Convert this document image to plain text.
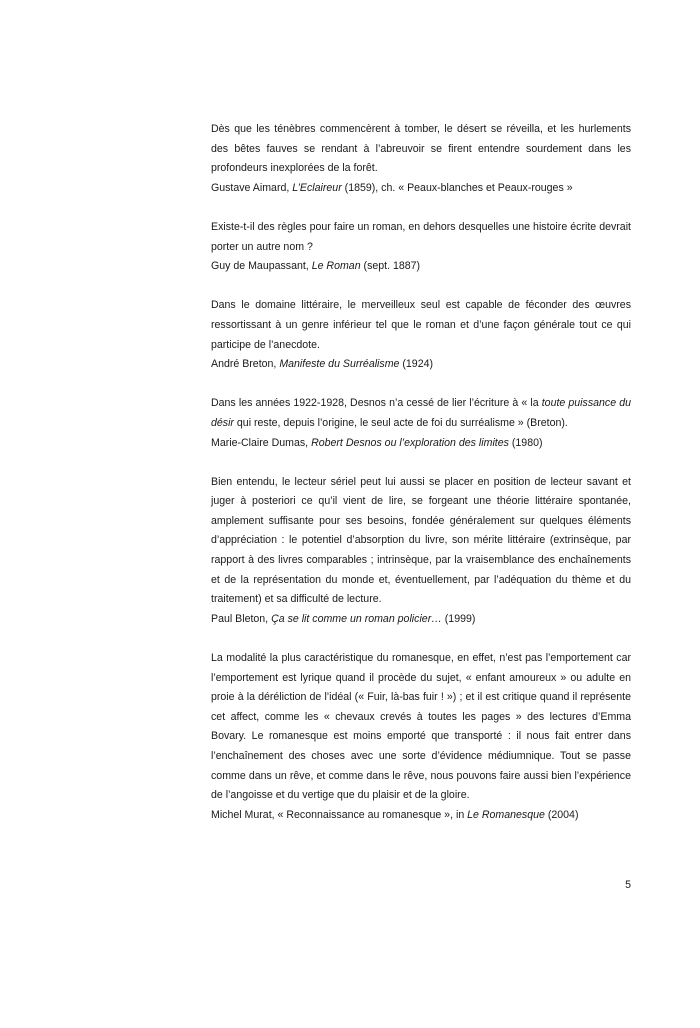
Dès que les ténèbres commencèrent à tomber, le désert se réveilla, et les hurlements des bêtes fauves se rendant à l’abreuvoir se firent entendre sourdement dans les profondeurs inexplorées de la forêt.

Gustave Aimard, L’Eclaireur (1859), ch. « Peaux-blanches et Peaux-rouges »

Existe-t-il des règles pour faire un roman, en dehors desquelles une histoire écrite devrait porter un autre nom ?

Guy de Maupassant, Le Roman (sept. 1887)

Dans le domaine littéraire, le merveilleux seul est capable de féconder des œuvres ressortissant à un genre inférieur tel que le roman et d’une façon générale tout ce qui participe de l’anecdote.

André Breton, Manifeste du Surréalisme (1924)

Dans les années 1922-1928, Desnos n’a cessé de lier l’écriture à « la toute puissance du désir qui reste, depuis l’origine, le seul acte de foi du surréalisme » (Breton).

Marie-Claire Dumas, Robert Desnos ou l’exploration des limites (1980)

Bien entendu, le lecteur sériel peut lui aussi se placer en position de lecteur savant et juger à posteriori ce qu’il vient de lire, se forgeant une théorie littéraire spontanée, amplement suffisante pour ses besoins, fondée généralement sur quelques éléments d’appréciation : le potentiel d’absorption du livre, son mérite littéraire (extrinsèque, par rapport à des livres comparables ; intrinsèque, par la vraisemblance des enchaînements et de la représentation du monde et, éventuellement, par l’adéquation du thème et du traitement) et sa difficulté de lecture.

Paul Bleton, Ça se lit comme un roman policier… (1999)

La modalité la plus caractéristique du romanesque, en effet, n’est pas l’emportement car l’emportement est lyrique quand il procède du sujet, « enfant amoureux » ou adulte en proie à la déréliction de l’idéal (« Fuir, là-bas fuir ! ») ; et il est critique quand il représente cet affect, comme les « chevaux crevés à toutes les pages » des lectures d’Emma Bovary. Le romanesque est moins emporté que transporté : il nous fait entrer dans l’enchaînement des choses avec une sorte d’évidence médiumnique. Tout se passe comme dans un rêve, et comme dans le rêve, nous pouvons faire aussi bien l’expérience de l’angoisse et du vertige que du plaisir et de la gloire.

Michel Murat, « Reconnaissance au romanesque », in Le Romanesque (2004)

5
